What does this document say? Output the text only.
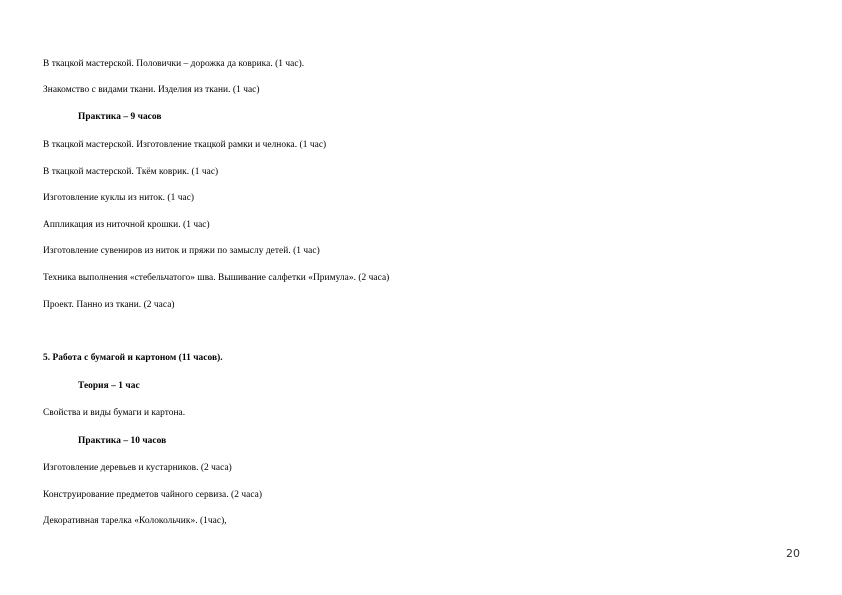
В ткацкой мастерской. Половички – дорожка да коврика. (1 час).
Знакомство с видами ткани. Изделия из ткани. (1 час)
Практика – 9 часов
В ткацкой мастерской. Изготовление ткацкой рамки и челнока. (1 час)
В ткацкой мастерской. Ткём коврик. (1 час)
Изготовление куклы из ниток. (1 час)
Аппликация из ниточной крошки. (1 час)
Изготовление сувениров из ниток и пряжи по замыслу детей. (1 час)
Техника выполнения «стебельчатого» шва. Вышивание салфетки «Примула». (2 часа)
Проект. Панно из ткани. (2 часа)
5. Работа с бумагой и картоном (11 часов).
Теория – 1 час
Свойства и виды бумаги и картона.
Практика – 10 часов
Изготовление деревьев и кустарников. (2 часа)
Конструирование предметов чайного сервиза. (2 часа)
Декоративная тарелка «Колокольчик». (1час),
20
